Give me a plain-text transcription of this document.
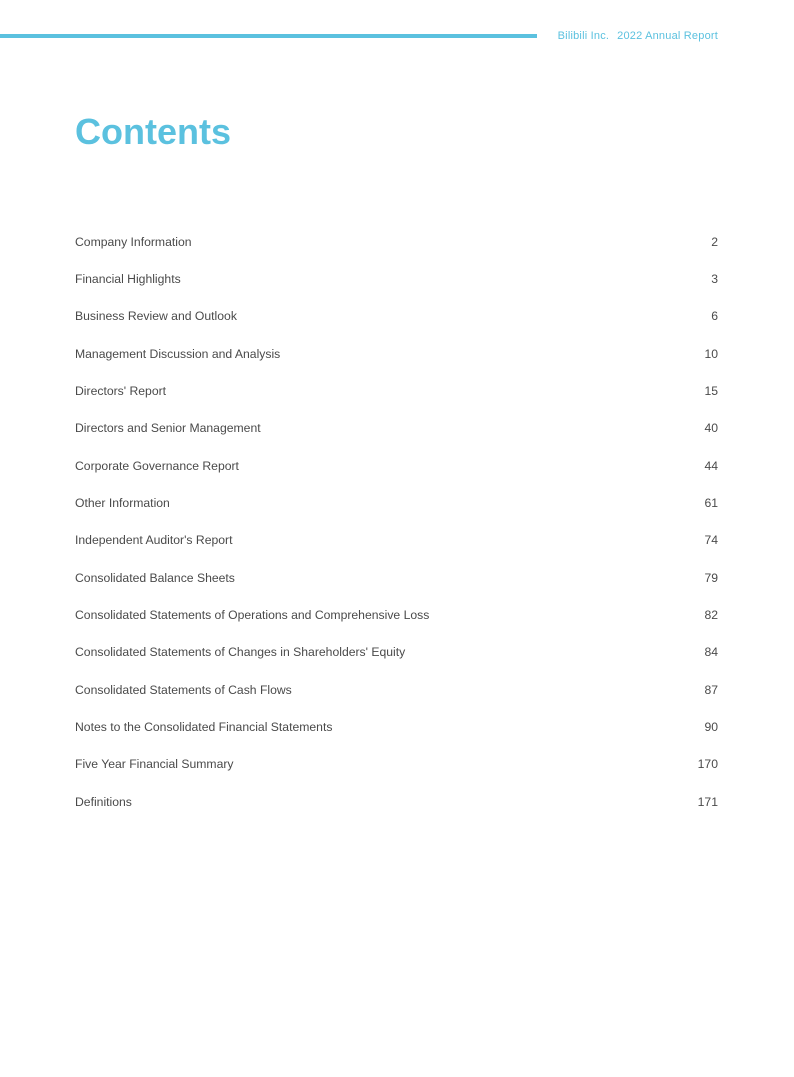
Bilibili Inc. 2022 Annual Report
Contents
Company Information	2
Financial Highlights	3
Business Review and Outlook	6
Management Discussion and Analysis	10
Directors' Report	15
Directors and Senior Management	40
Corporate Governance Report	44
Other Information	61
Independent Auditor's Report	74
Consolidated Balance Sheets	79
Consolidated Statements of Operations and Comprehensive Loss	82
Consolidated Statements of Changes in Shareholders' Equity	84
Consolidated Statements of Cash Flows	87
Notes to the Consolidated Financial Statements	90
Five Year Financial Summary	170
Definitions	171
